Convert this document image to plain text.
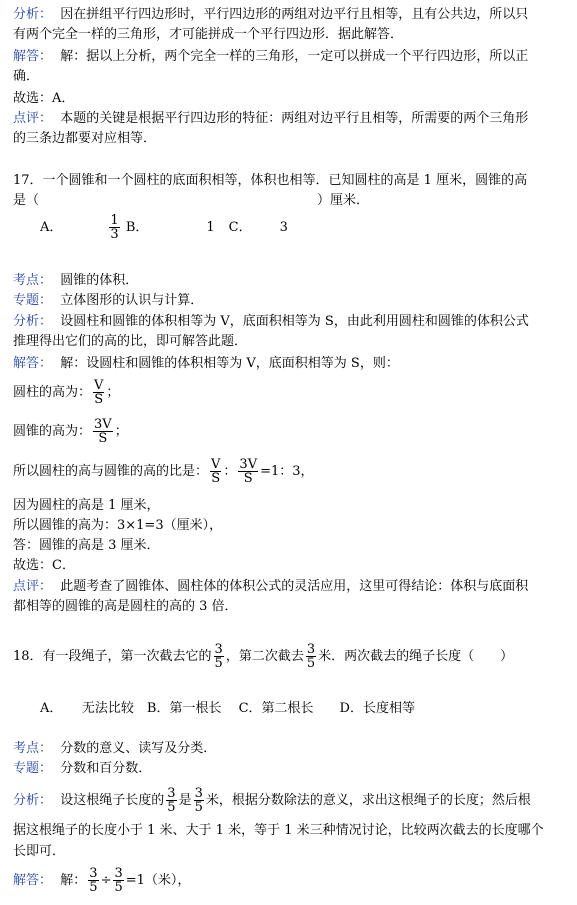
分析： 因在拼组平行四边形时，平行四边形的两组对边平行且相等，且有公共边，所以只
有两个完全一样的三角形，才可能拼成一个平行四边形．据此解答．
解答： 解：据以上分析，两个完全一样的三角形，一定可以拼成一个平行四边形，所以正
确．
故选：A．
点评： 本题的关键是根据平行四边形的特征：两组对边平行且相等，所需要的两个三角形
的三条边都要对应相等．
17．一个圆锥和一个圆柱的底面积相等，体积也相等．已知圆柱的高是 1 厘米，圆锥的高
是（	）厘米．
A．	$\frac{1}{3}$ B．	1 C． 3
考点： 圆锥的体积．
专题： 立体图形的认识与计算．
分析： 设圆柱和圆锥的体积相等为 V，底面积相等为 S，由此利用圆柱和圆锥的体积公式
推理得出它们的高的比，即可解答此题．
解答： 解：设圆柱和圆锥的体积相等为 V，底面积相等为 S，则：
圆柱的高为： $\frac{V}{S}$ ；
圆锥的高为： $\frac{3V}{S}$ ；
所以圆柱的高与圆锥的高的比是： $\frac{V}{S}$ ： $\frac{3V}{S} =1$：3，
因为圆柱的高是 1 厘米，
所以圆锥的高为：3×1=3（厘米），
答：圆锥的高是 3 厘米．
故选：C．
点评： 此题考查了圆锥体、圆柱体的体积公式的灵活应用，这里可得结论：体积与底面积
都相等的圆锥的高是圆柱的高的 3 倍．
18．有一段绳子，第一次截去它的 $\frac{3}{5}$ ，第二次截去 $\frac{3}{5}$ 米．两次截去的绳子长度（　　）
A．　　无法比较　B．第一根长　 C．第二根长　　D．长度相等
考点： 分数的意义、读写及分类．
专题： 分数和百分数．
分析： 设这根绳子长度的 $\frac{3}{5}$ 是 $\frac{3}{5}$ 米，根据分数除法的意义，求出这根绳子的长度；然后根
据这根绳子的长度小于 1 米、大于 1 米，等于 1 米三种情况讨论，比较两次截去的长度哪个
长即可．
解答： 解： $\frac{3}{5} \div \frac{3}{5} =1$（米），
